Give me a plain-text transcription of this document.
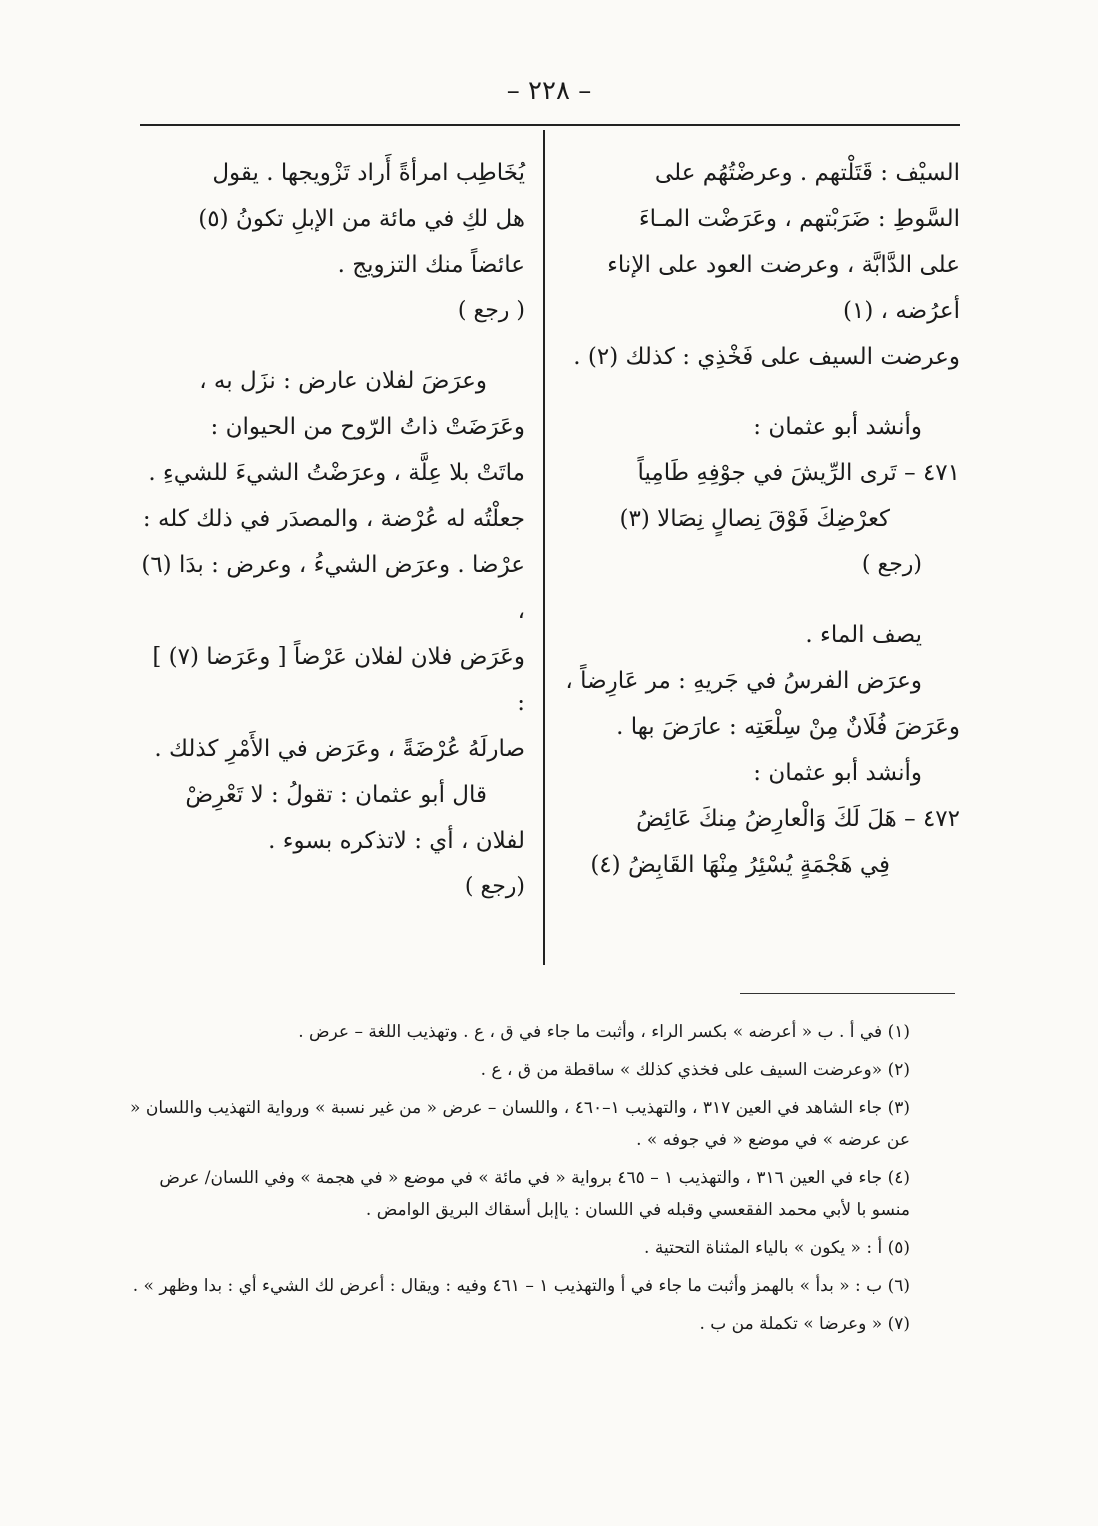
– ٢٢٨ –

السيْف : قَتَلْتهم . وعرضْتُهُم على

السَّوطِ : ضَرَبْتهم ، وعَرَضْت المـاءَ

على الدَّابَّة ، وعرضت العود على الإناء أعرُضه ، (١)

وعرضت السيف على فَخْذِي : كذلك (٢) .

وأنشد أبو عثمان :

٤٧١ – تَرى الرِّيشَ في جوْفِهِ طَامِياً

كعرْضِكَ فَوْقَ نِصالٍ نِصَالا (٣)

(رجع )

يصف الماء .

وعرَض الفرسُ في جَريهِ : مر عَارِضاً ،

وعَرَضَ فُلَانٌ مِنْ سِلْعَتِه : عارَضَ بها .

وأنشد أبو عثمان :

٤٧٢ – هَلَ لَكَ وَالْعارِضُ مِنكَ عَائِضُ

فِي هَجْمَةٍ يُسْئِرُ مِنْهَا القَابِضُ (٤)

يُخَاطِب امرأةً أَراد تَزْويجها . يقول

هل لكِ في مائة من الإبلِ تكونُ (٥)

عائضاً منك التزويج .

( رجع )

وعرَضَ لفلان عارض : نزَل به ،

وعَرَضَتْ ذاتُ الرّوح من الحيوان :

ماتَتْ بلا عِلَّة ، وعرَضْتُ الشيءَ للشيءِ .

جعلْتُه له عُرْضة ، والمصدَر في ذلك كله :

عرْضا . وعرَض الشيءُ ، وعرض : بدَا (٦) ،

وعَرَض فلان لفلان عَرْضاً [ وعَرَضا (٧) ] :

صارلَهُ عُرْضَةً ، وعَرَض في الأَمْرِ كذلك .

قال أبو عثمان : تقولُ : لا تَعْرِضْ

لفلان ، أي : لاتذكره بسوء .

(رجع )

(١) في أ . ب « أعرضه » بكسر الراء ، وأثبت ما جاء في ق ، ع . وتهذيب اللغة – عرض .

(٢) «وعرضت السيف على فخذي كذلك » ساقطة من ق ، ع .

(٣) جاء الشاهد في العين ٣١٧ ، والتهذيب ١–٤٦٠ ، واللسان – عرض « من غير نسبة » ورواية التهذيب واللسان « عن عرضه » في موضع « في جوفه » .

(٤) جاء في العين ٣١٦ ، والتهذيب ١ – ٤٦٥ برواية « في مائة » في موضع « في هجمة » وفي اللسان/ عرض منسو با لأبي محمد الفقعسي وقبله في اللسان : ياإبل أسقاك البريق الوامض .

(٥) أ : « يكون » بالياء المثناة التحتية .

(٦) ب : « بدأ » بالهمز وأثبت ما جاء في أ والتهذيب ١ – ٤٦١ وفيه : ويقال : أعرض لك الشيء أي : بدا وظهر » .

(٧) « وعرضا » تكملة من ب .
